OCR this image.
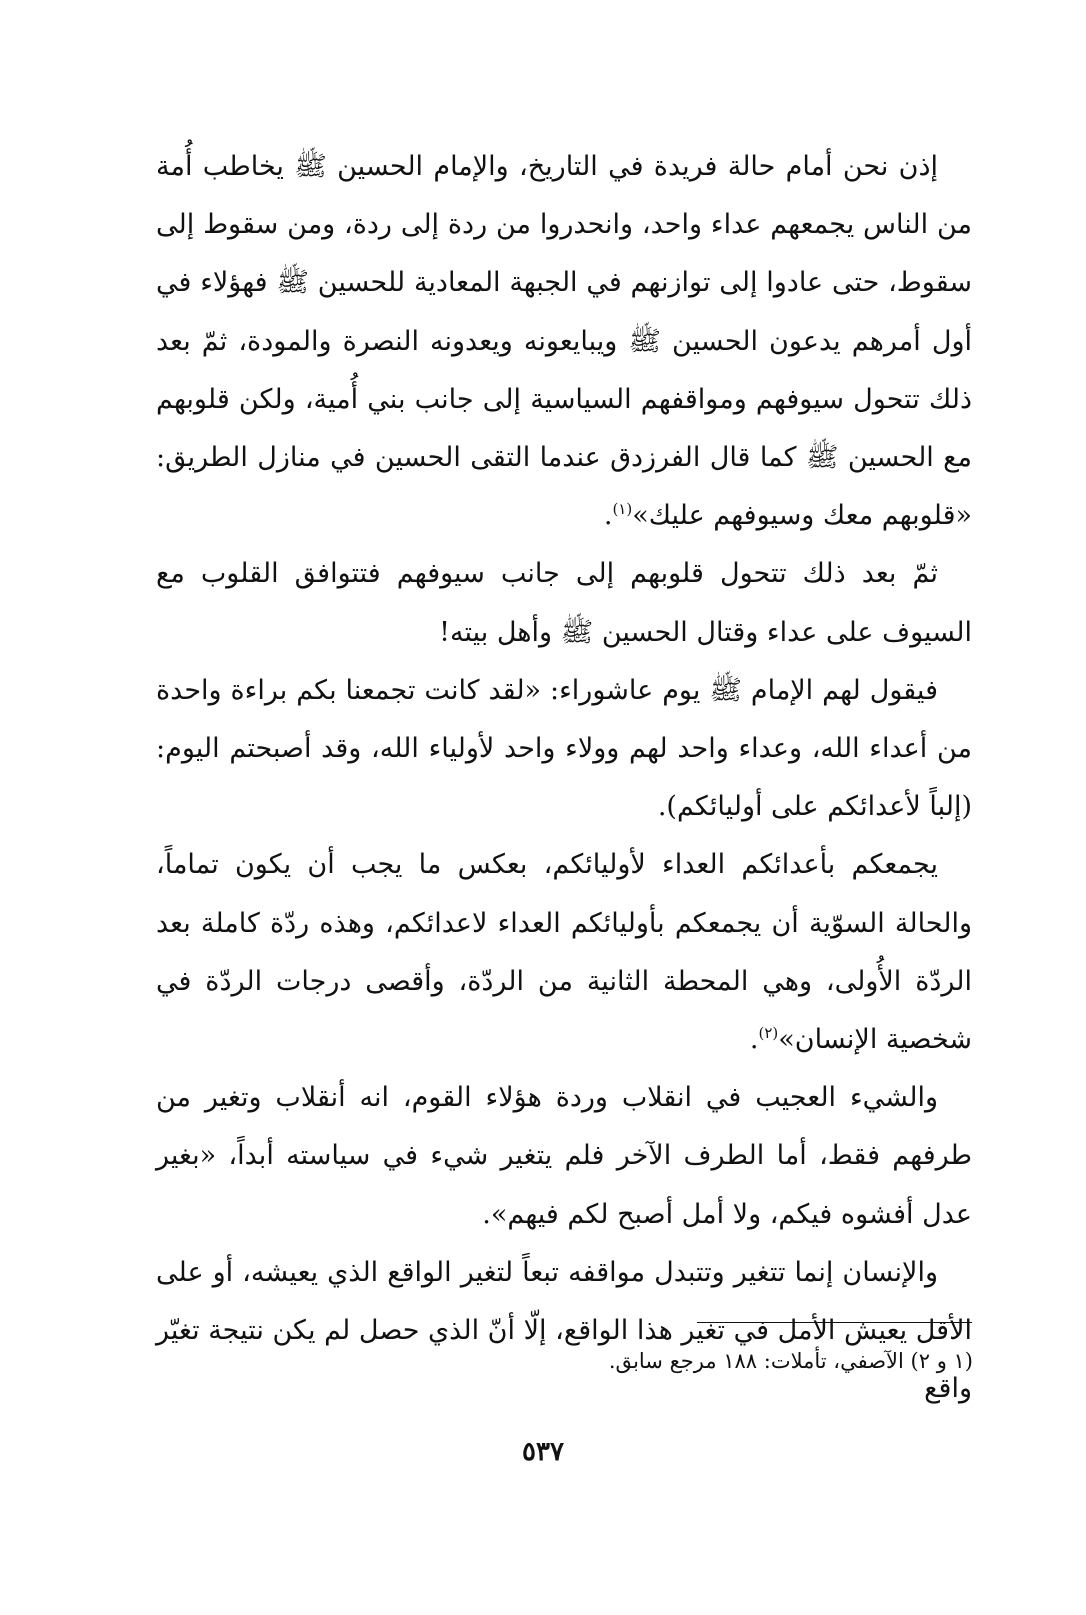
إذن نحن أمام حالة فريدة في التاريخ، والإمام الحسين ﷺ يخاطب أُمة من الناس يجمعهم عداء واحد، وانحدروا من ردة إلى ردة، ومن سقوط إلى سقوط، حتى عادوا إلى توازنهم في الجبهة المعادية للحسين ﷺ فهؤلاء في أول أمرهم يدعون الحسين ﷺ ويبايعونه ويعدونه النصرة والمودة، ثمّ بعد ذلك تتحول سيوفهم ومواقفهم السياسية إلى جانب بني أُمية، ولكن قلوبهم مع الحسين ﷺ كما قال الفرزدق عندما التقى الحسين في منازل الطريق: «قلوبهم معك وسيوفهم عليك»$^{(١)}$.

ثمّ بعد ذلك تتحول قلوبهم إلى جانب سيوفهم فتتوافق القلوب مع السيوف على عداء وقتال الحسين ﷺ وأهل بيته!

فيقول لهم الإمام ﷺ يوم عاشوراء: «لقد كانت تجمعنا بكم براءة واحدة من أعداء الله، وعداء واحد لهم وولاء واحد لأولياء الله، وقد أصبحتم اليوم: (إلباً لأعدائكم على أوليائكم).

يجمعكم بأعدائكم العداء لأوليائكم، بعكس ما يجب أن يكون تماماً، والحالة السوّية أن يجمعكم بأوليائكم العداء لاعدائكم، وهذه ردّة كاملة بعد الردّة الأُولى، وهي المحطة الثانية من الردّة، وأقصى درجات الردّة في شخصية الإنسان»$^{(٢)}$.

والشيء العجيب في انقلاب وردة هؤلاء القوم، انه أنقلاب وتغير من طرفهم فقط، أما الطرف الآخر فلم يتغير شيء في سياسته أبداً، «بغير عدل أفشوه فيكم، ولا أمل أصبح لكم فيهم».

والإنسان إنما تتغير وتتبدل مواقفه تبعاً لتغير الواقع الذي يعيشه، أو على الأقل يعيش الأمل في تغير هذا الواقع، إلّا أنّ الذي حصل لم يكن نتيجة تغيّر واقع

(١ و ٢) الآصفي، تأملات: ١٨٨ مرجع سابق.
٥٣٧
